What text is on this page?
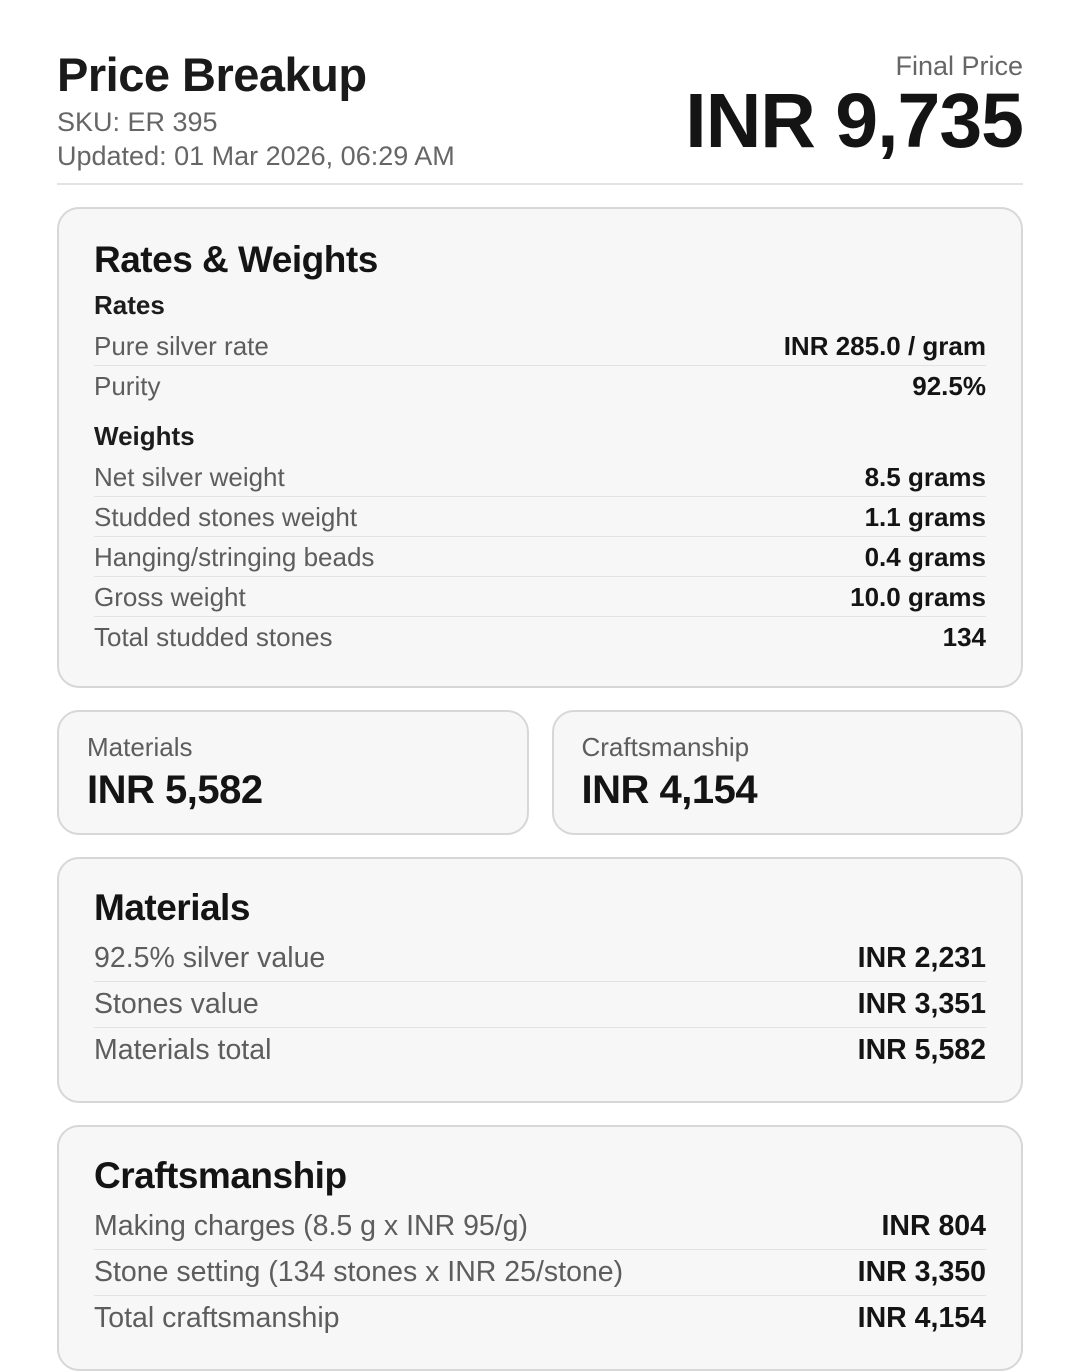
Price Breakup
SKU: ER 395
Updated: 01 Mar 2026, 06:29 AM
Final Price
INR 9,735
Rates & Weights
Rates
Pure silver rate	INR 285.0 / gram
Purity	92.5%
Weights
Net silver weight	8.5 grams
Studded stones weight	1.1 grams
Hanging/stringing beads	0.4 grams
Gross weight	10.0 grams
Total studded stones	134
Materials
INR 5,582
Craftsmanship
INR 4,154
Materials
92.5% silver value	INR 2,231
Stones value	INR 3,351
Materials total	INR 5,582
Craftsmanship
Making charges (8.5 g x INR 95/g)	INR 804
Stone setting (134 stones x INR 25/stone)	INR 3,350
Total craftsmanship	INR 4,154
